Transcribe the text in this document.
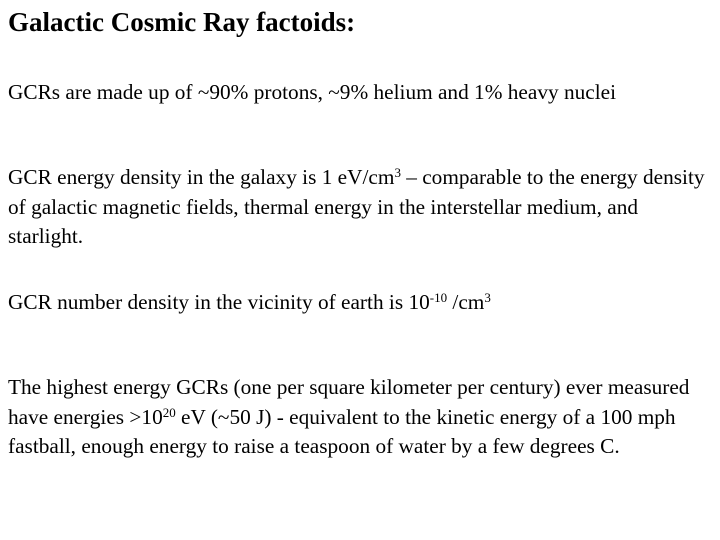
Galactic Cosmic Ray factoids:
GCRs are made up of ~90% protons, ~9% helium and 1% heavy nuclei
GCR energy density in the galaxy is 1 $eV/cm^3$ – comparable to the energy density of galactic magnetic fields, thermal energy in the interstellar medium, and starlight.
GCR number density in the vicinity of earth is $10^{-10}$ $/cm^3$
The highest energy GCRs (one per square kilometer per century) ever measured have energies $>10^{20}$ eV (~50 J) - equivalent to the kinetic energy of a 100 mph fastball, enough energy to raise a teaspoon of water by a few degrees C.
